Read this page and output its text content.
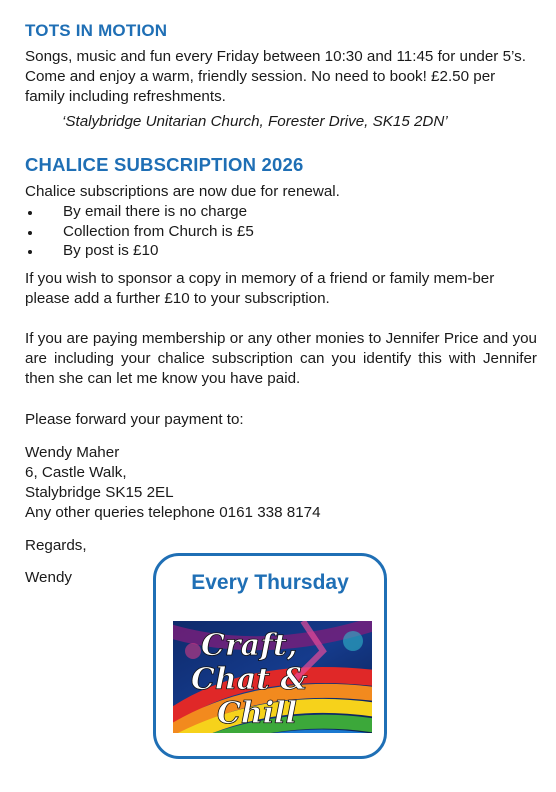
TOTS IN MOTION

Songs, music and fun every Friday between 10:30 and 11:45 for under 5’s. Come and enjoy a warm, friendly session. No need to book! £2.50 per family including refreshments.

‘Stalybridge Unitarian Church, Forester Drive, SK15 2DN’

CHALICE SUBSCRIPTION 2026

Chalice subscriptions are now due for renewal.

By email there is no charge
Collection from Church is £5
By post is £10

If you wish to sponsor a copy in memory of a friend or family mem-ber please add a further £10 to your subscription.

If you are paying membership or any other monies to Jennifer Price and you are including your chalice subscription can you identify this with Jennifer then she can let me know you have paid.

Please forward your payment to:

Wendy Maher

6, Castle Walk,

Stalybridge SK15 2EL

Any other queries telephone 0161 338 8174

Regards,

Wendy	Every Thursday
Craft,
Chat &
Chill
